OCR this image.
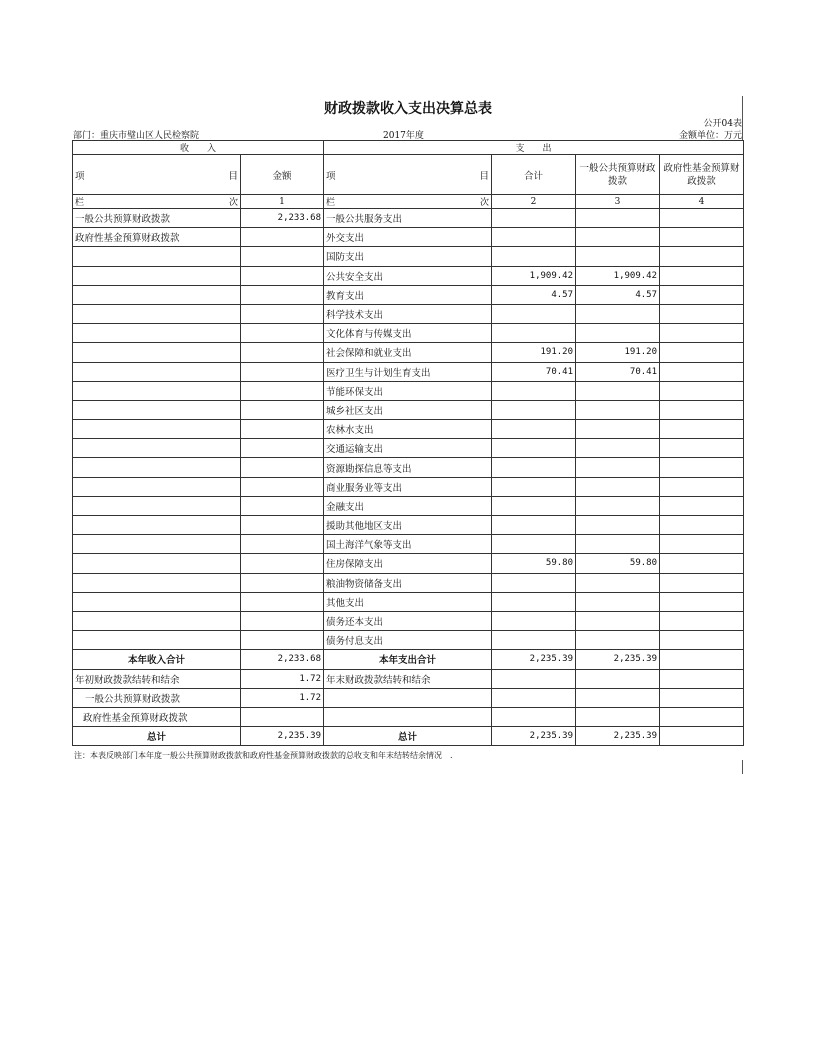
财政拨款收入支出决算总表
公开04表
部门：重庆市璧山区人民检察院	2017年度	金额单位：万元
收　　入		支　　出			

项 目	金额	项 目	合计	一般公共预算财政拨款	政府性基金预算财政拨款

栏 次	1	栏 次	2	3	4
一般公共预算财政拨款	2,233.68	一般公共服务支出			
政府性基金预算财政拨款		外交支出			
		国防支出			
		公共安全支出	1,909.42	1,909.42	
		教育支出	4.57	4.57	
		科学技术支出			
		文化体育与传媒支出			
		社会保障和就业支出	191.20	191.20	
		医疗卫生与计划生育支出	70.41	70.41	
		节能环保支出			
		城乡社区支出			
		农林水支出			
		交通运输支出			
		资源勘探信息等支出			
		商业服务业等支出			
		金融支出			
		援助其他地区支出			
		国土海洋气象等支出			
		住房保障支出	59.80	59.80	
		粮油物资储备支出			
		其他支出			
		债务还本支出			
		债务付息支出			
本年收入合计	2,233.68	本年支出合计	2,235.39	2,235.39	
年初财政拨款结转和结余	1.72	年末财政拨款结转和结余			
一般公共预算财政拨款	1.72				
政府性基金预算财政拨款					
总计	2,235.39	总计	2,235.39	2,235.39	
注：本表反映部门本年度一般公共预算财政拨款和政府性基金预算财政拨款的总收支和年末结转结余情况　.
